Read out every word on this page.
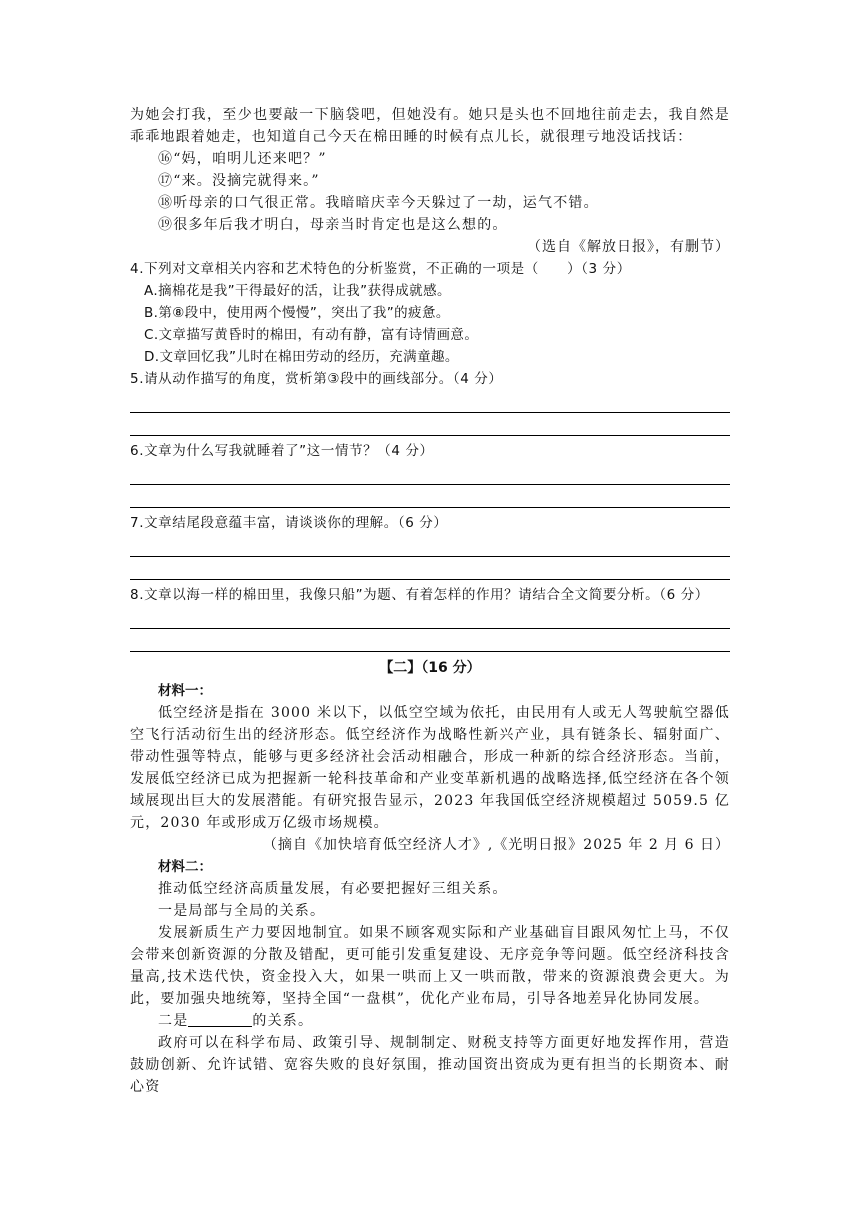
为她会打我，至少也要敲一下脑袋吧，但她没有。她只是头也不回地往前走去，我自然是乖乖地跟着她走，也知道自己今天在棉田睡的时候有点儿长，就很理亏地没话找话：

⑯“妈，咱明儿还来吧？”

⑰“来。没摘完就得来。”

⑱听母亲的口气很正常。我暗暗庆幸今天躲过了一劫，运气不错。

⑲很多年后我才明白，母亲当时肯定也是这么想的。

（选自《解放日报》，有删节）

4.下列对文章相关内容和艺术特色的分析鉴赏，不正确的一项是（　　）（3 分）

A.摘棉花是我”干得最好的活，让我”获得成就感。

B.第⑧段中，使用两个慢慢”，突出了我”的疲惫。

C.文章描写黄昏时的棉田，有动有静，富有诗情画意。

D.文章回忆我”儿时在棉田劳动的经历，充满童趣。

5.请从动作描写的角度，赏析第③段中的画线部分。（4 分）

6.文章为什么写我就睡着了”这一情节？（4 分）

7.文章结尾段意蕴丰富，请谈谈你的理解。（6 分）

8.文章以海一样的棉田里，我像只船”为题、有着怎样的作用？请结合全文简要分析。（6 分）

【二】（16 分）

材料一：

低空经济是指在 3000 米以下，以低空空域为依托，由民用有人或无人驾驶航空器低空飞行活动衍生出的经济形态。低空经济作为战略性新兴产业，具有链条长、辐射面广、带动性强等特点，能够与更多经济社会活动相融合，形成一种新的综合经济形态。当前，发展低空经济已成为把握新一轮科技革命和产业变革新机遇的战略选择,低空经济在各个领域展现出巨大的发展潜能。有研究报告显示，2023 年我国低空经济规模超过 5059.5 亿元，2030 年或形成万亿级市场规模。

（摘自《加快培育低空经济人才》,《光明日报》2025 年 2 月 6 日）

材料二：

推动低空经济高质量发展，有必要把握好三组关系。

一是局部与全局的关系。

发展新质生产力要因地制宜。如果不顾客观实际和产业基础盲目跟风匆忙上马，不仅会带来创新资源的分散及错配，更可能引发重复建设、无序竞争等问题。低空经济科技含量高,技术迭代快，资金投入大，如果一哄而上又一哄而散，带来的资源浪费会更大。为此，要加强央地统筹，坚持全国“一盘棋”，优化产业布局，引导各地差异化协同发展。

二是	的关系。

政府可以在科学布局、政策引导、规制制定、财税支持等方面更好地发挥作用，营造鼓励创新、允许试错、宽容失败的良好氛围，推动国资出资成为更有担当的长期资本、耐心资
